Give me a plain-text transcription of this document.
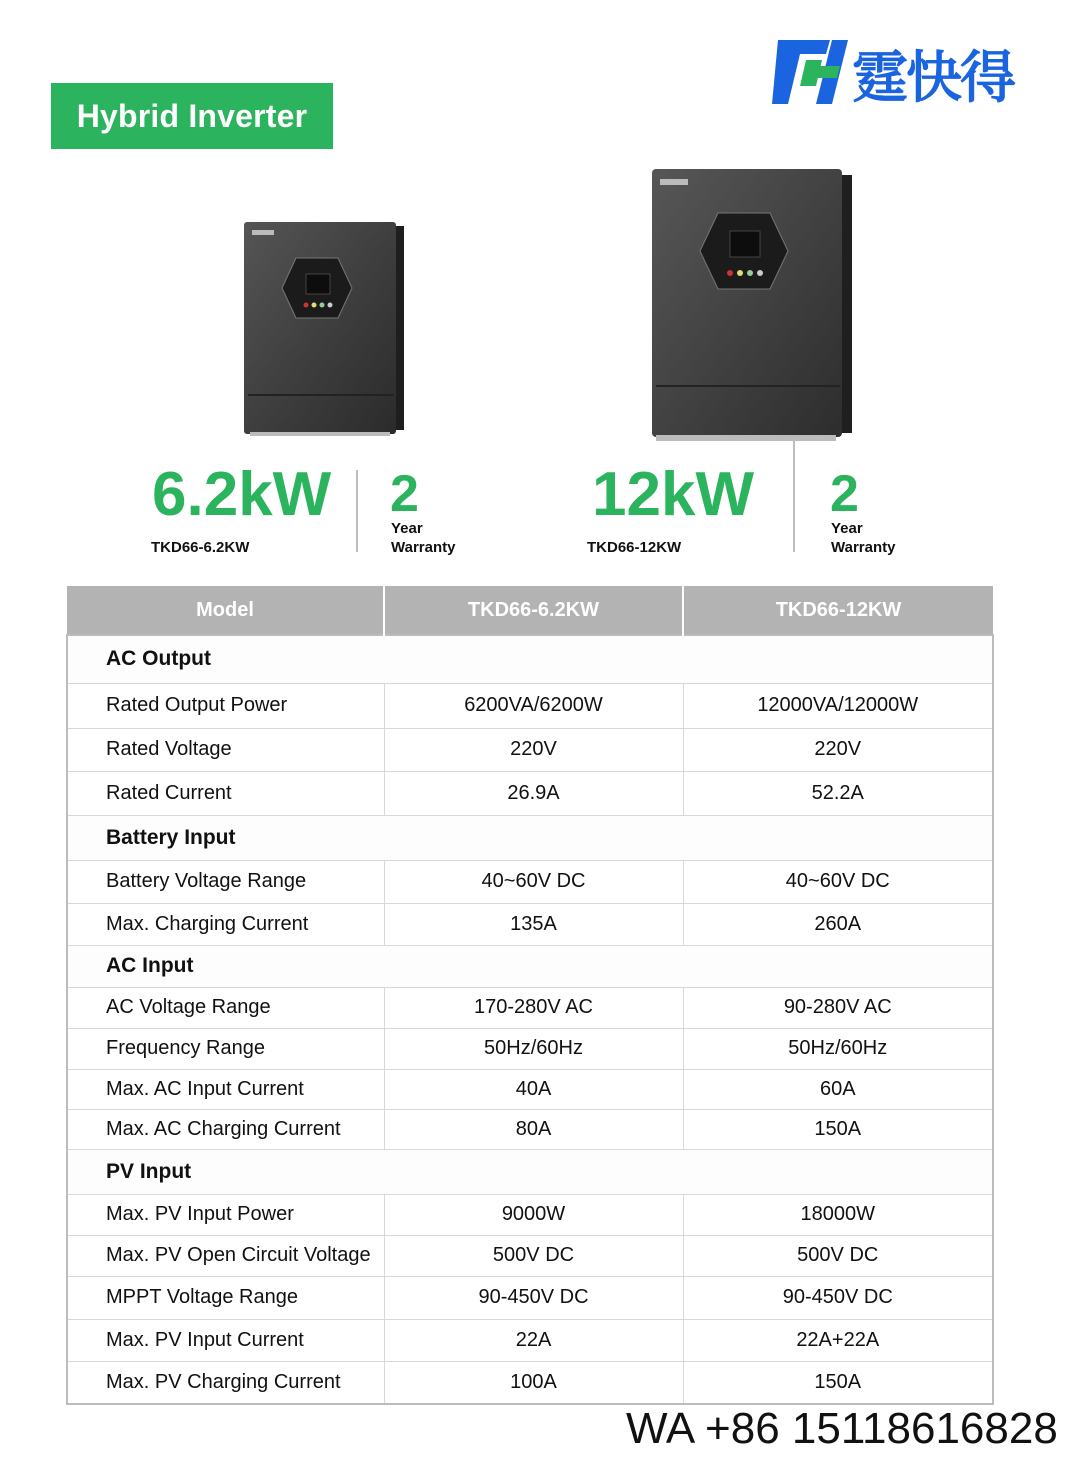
Hybrid Inverter
霆快得
6.2kW
TKD66-6.2KW
2
Year
Warranty
12kW
TKD66-12KW
2
Year
Warranty
Model	TKD66-6.2KW	TKD66-12KW
AC Output		
Rated Output Power	6200VA/6200W	12000VA/12000W
Rated Voltage	220V	220V
Rated Current	26.9A	52.2A
Battery Input		
Battery Voltage Range	40~60V DC	40~60V DC
Max. Charging Current	135A	260A
AC Input		
AC Voltage Range	170-280V AC	90-280V AC
Frequency Range	50Hz/60Hz	50Hz/60Hz
Max. AC Input Current	40A	60A
Max. AC Charging Current	80A	150A
PV Input		
Max. PV Input Power	9000W	18000W
Max. PV Open Circuit Voltage	500V DC	500V DC
MPPT Voltage Range	90-450V DC	90-450V DC
Max. PV Input Current	22A	22A+22A
Max. PV Charging Current	100A	150A
WA +86 15118616828
